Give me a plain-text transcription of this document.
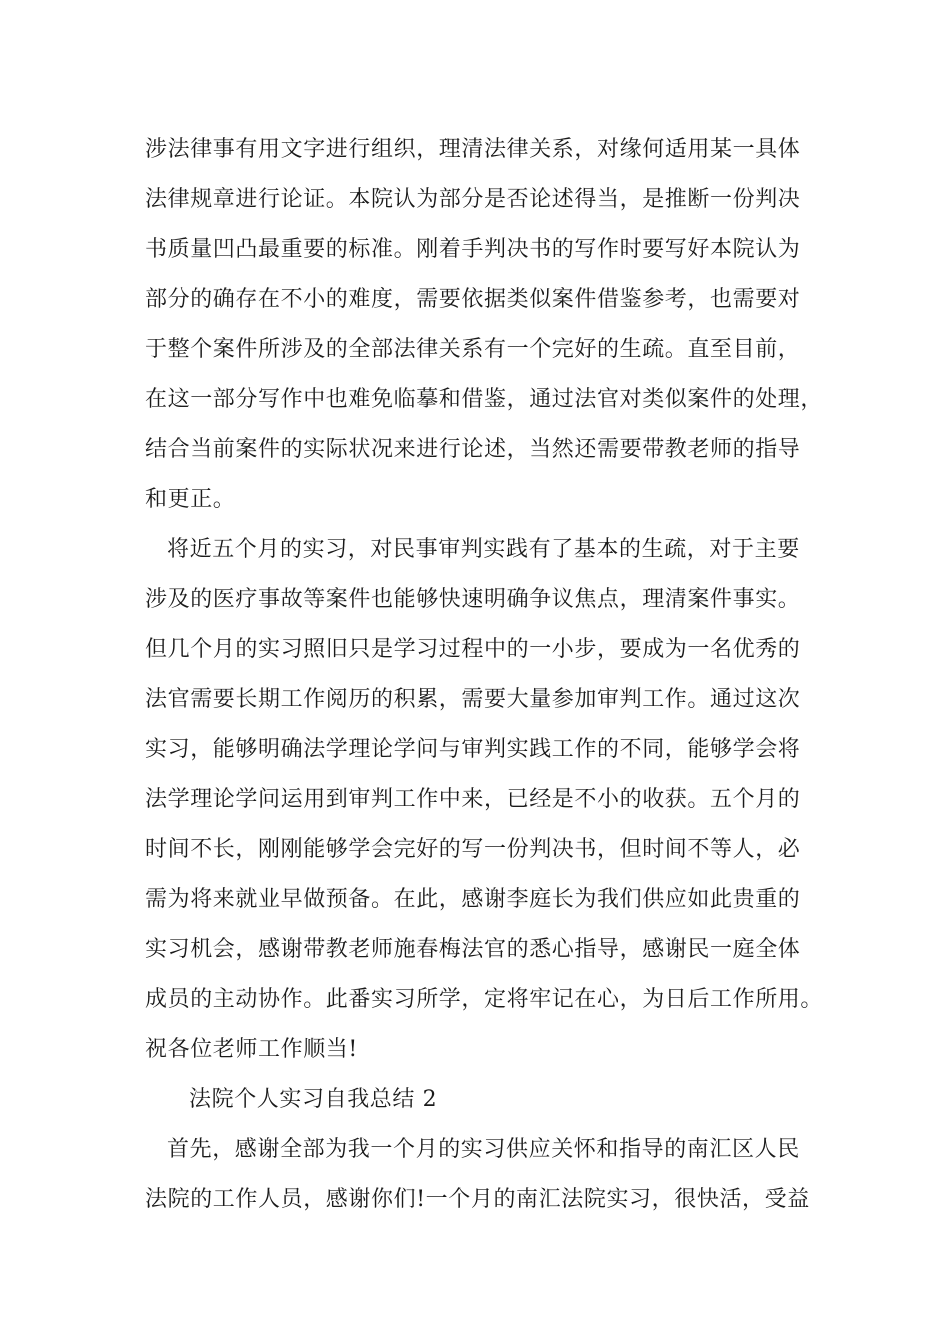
涉法律事有用文字进行组织，理清法律关系，对缘何适用某一具体

法律规章进行论证。本院认为部分是否论述得当，是推断一份判决

书质量凹凸最重要的标准。刚着手判决书的写作时要写好本院认为

部分的确存在不小的难度，需要依据类似案件借鉴参考，也需要对

于整个案件所涉及的全部法律关系有一个完好的生疏。直至目前，

在这一部分写作中也难免临摹和借鉴，通过法官对类似案件的处理，

结合当前案件的实际状况来进行论述，当然还需要带教老师的指导

和更正。

将近五个月的实习，对民事审判实践有了基本的生疏，对于主要

涉及的医疗事故等案件也能够快速明确争议焦点，理清案件事实。

但几个月的实习照旧只是学习过程中的一小步，要成为一名优秀的

法官需要长期工作阅历的积累，需要大量参加审判工作。通过这次

实习，能够明确法学理论学问与审判实践工作的不同，能够学会将

法学理论学问运用到审判工作中来，已经是不小的收获。五个月的

时间不长，刚刚能够学会完好的写一份判决书，但时间不等人，必

需为将来就业早做预备。在此，感谢李庭长为我们供应如此贵重的

实习机会，感谢带教老师施春梅法官的悉心指导，感谢民一庭全体

成员的主动协作。此番实习所学，定将牢记在心，为日后工作所用。

祝各位老师工作顺当!

法院个人实习自我总结 2

首先，感谢全部为我一个月的实习供应关怀和指导的南汇区人民

法院的工作人员，感谢你们!一个月的南汇法院实习，很快活，受益
